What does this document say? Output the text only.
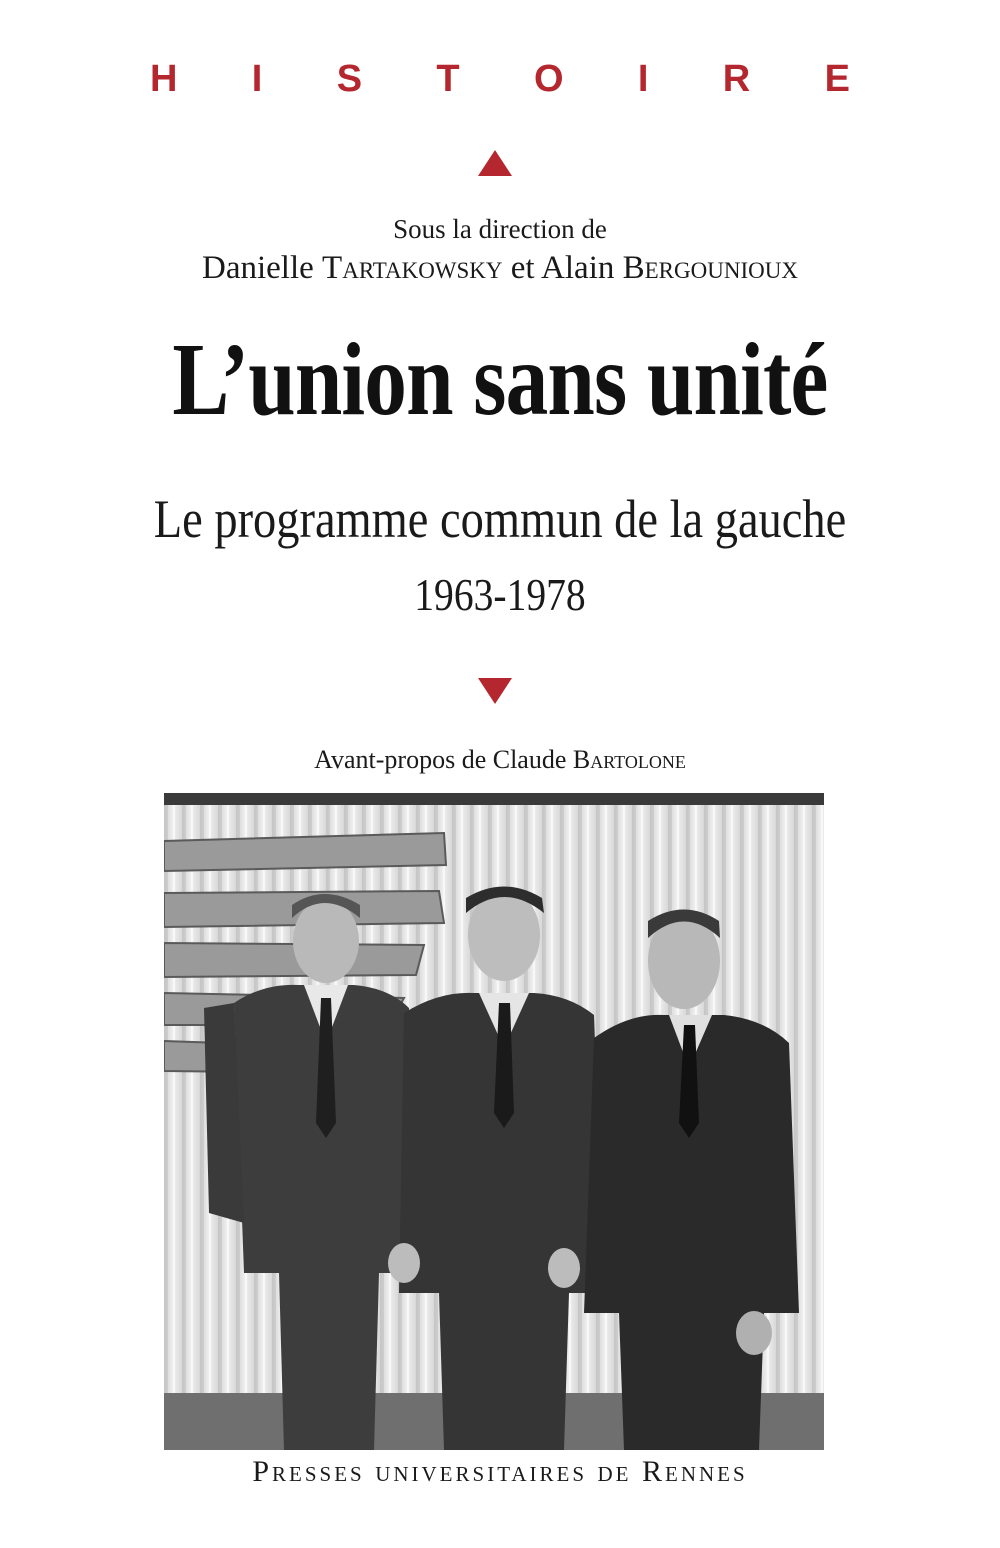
H I S T O I R E
Sous la direction de
Danielle Tartakowsky et Alain Bergounioux
L’union sans unité
Le programme commun de la gauche
1963-1978
Avant-propos de Claude Bartolone
Presses universitaires de Rennes
